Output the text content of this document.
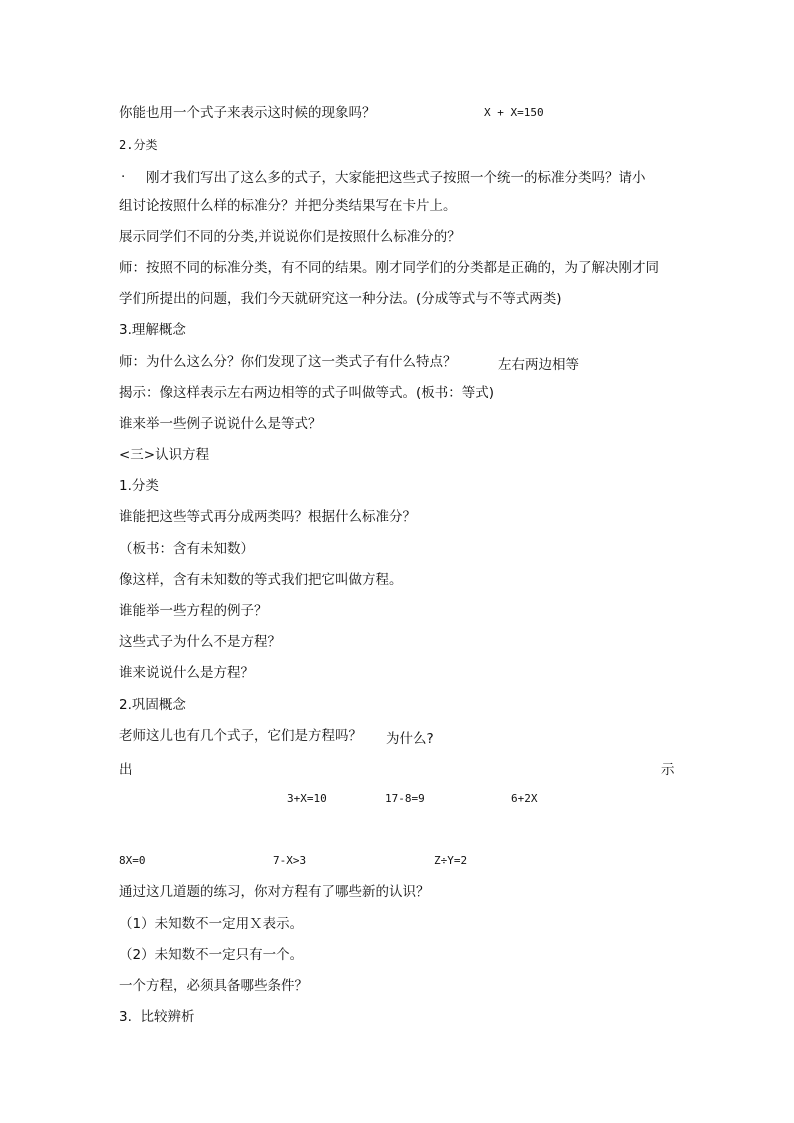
你能也用一个式子来表示这时候的现象吗？	X + X=150
2.分类
. 刚才我们写出了这么多的式子，大家能把这些式子按照一个统一的标准分类吗？请小
组讨论按照什么样的标准分？并把分类结果写在卡片上。
展示同学们不同的分类,并说说你们是按照什么标准分的？
师：按照不同的标准分类，有不同的结果。刚才同学们的分类都是正确的，为了解决刚才同
学们所提出的问题，我们今天就研究这一种分法。(分成等式与不等式两类)
3.理解概念
师：为什么这么分？你们发现了这一类式子有什么特点？	左右两边相等
揭示：像这样表示左右两边相等的式子叫做等式。(板书：等式)
谁来举一些例子说说什么是等式？
<三>认识方程
1.分类
谁能把这些等式再分成两类吗？根据什么标准分？
（板书：含有未知数）
像这样，含有未知数的等式我们把它叫做方程。
谁能举一些方程的例子？
这些式子为什么不是方程？
谁来说说什么是方程？
2.巩固概念
老师这儿也有几个式子，它们是方程吗？ 为什么?
出	示
3+X=10	17-8=9	6+2X
8X=0	7-X>3	Z÷Y=2
通过这几道题的练习，你对方程有了哪些新的认识？
（1）未知数不一定用Ｘ表示。
（2）未知数不一定只有一个。
一个方程，必须具备哪些条件？
3.  比较辨析
